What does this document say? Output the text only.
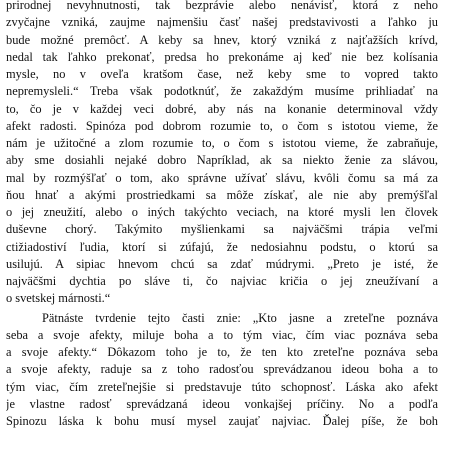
prirodnej nevyhnutnosti, tak bezprávie alebo nenávisť, ktorá z neho
zvyčajne vzniká, zaujme najmenšiu časť našej predstavivosti a ľahko ju
bude možné premôcť. A keby sa hnev, ktorý vzniká z najťažších krívd,
nedal tak ľahko prekonať, predsa ho prekonáme aj keď nie bez kolísania
mysle, no v oveľa kratšom čase, než keby sme to vopred takto
nepremysleli.“ Treba však podotknúť, že zakaždým musíme prihliadať na
to, čo je v každej veci dobré, aby nás na konanie determinoval vždy
afekt radosti. Spinóza pod dobrom rozumie to, o čom s istotou vieme, že
nám je užitočné a zlom rozumie to, o čom s istotou vieme, že zabraňuje,
aby sme dosiahli nejaké dobro Napríklad, ak sa niekto ženie za slávou,
mal by rozmýšľať o tom, ako správne užívať slávu, kvôli čomu sa má za
ňou hnať a akými prostriedkami sa môže získať, ale nie aby premýšľal
o jej zneužití, alebo o iných takýchto veciach, na ktoré mysli len človek
duševne chorý. Takýmito myšlienkami sa najväčšmi trápia veľmi
ctižiadostiví ľudia, ktorí si zúfajú, že nedosiahnu podstu, o ktorú sa
usilujú. A sipiac hnevom chcú sa zdať múdrymi. „Preto je isté, že
najväčšmi dychtia po sláve ti, čo najviac kričia o jej zneužívaní a
o svetskej márnosti.“
Pätnáste tvrdenie tejto časti znie: „Kto jasne a zreteľne poznáva
seba a svoje afekty, miluje boha a to tým viac, čím viac poznáva seba
a svoje afekty.“ Dôkazom toho je to, že ten kto zreteľne poznáva seba
a svoje afekty, raduje sa z toho radosťou sprevádzanou ideou boha a to
tým viac, čím zreteľnejšie si predstavuje túto schopnosť. Láska ako afekt
je vlastne radosť sprevádzaná ideou vonkajšej príčiny. No a podľa
Spinozu láska k bohu musí mysel zaujať najviac. Ďalej píše, že boh
